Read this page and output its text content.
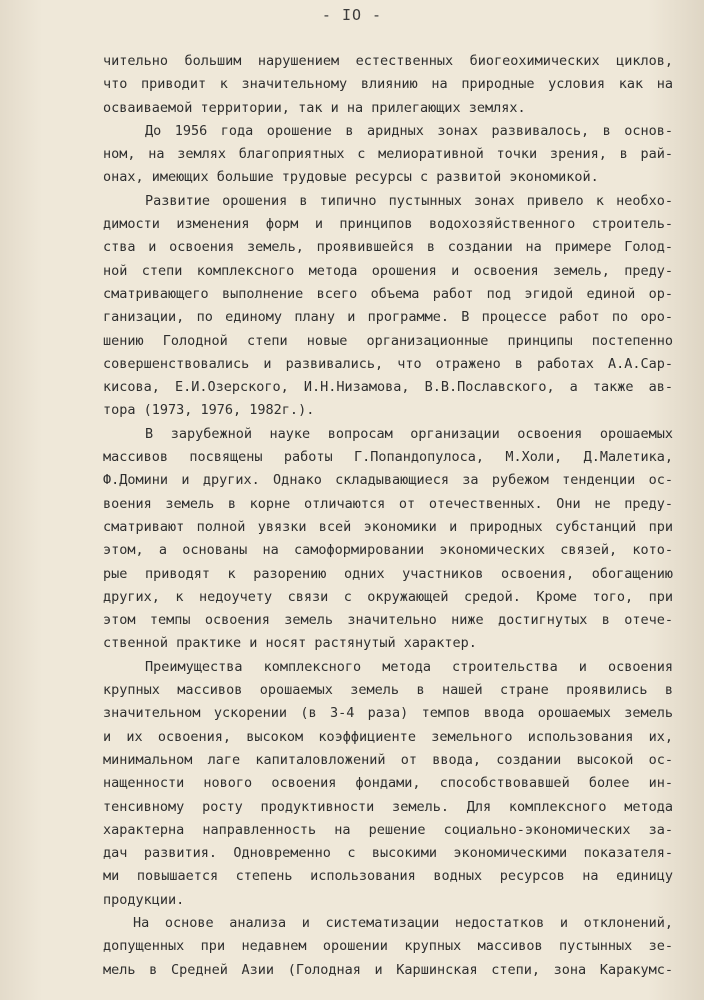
- IO -
чительно большим нарушением естественных биогеохимических циклов,
что приводит к значительному влиянию на природные условия как на
осваиваемой территории, так и на прилегающих землях.
До 1956 года орошение в аридных зонах развивалось, в основ-
ном, на землях благоприятных с мелиоративной точки зрения, в рай-
онах, имеющих большие трудовые ресурсы с развитой экономикой.
Развитие орошения в типично пустынных зонах привело к необхо-
димости изменения форм и принципов водохозяйственного строитель-
ства и освоения земель, проявившейся в создании на примере Голод-
ной степи комплексного метода орошения и освоения земель, преду-
сматривающего выполнение всего объема работ под эгидой единой ор-
ганизации, по единому плану и программе. В процессе работ по оро-
шению Голодной степи новые организационные принципы постепенно
совершенствовались и развивались, что отражено в работах А.А.Сар-
кисова, Е.И.Озерского, И.Н.Низамова, В.В.Пославского, а также ав-
тора (1973, 1976, 1982г.).
В зарубежной науке вопросам организации освоения орошаемых
массивов посвящены работы Г.Попандопулоса, М.Холи, Д.Малетика,
Ф.Домини и других. Однако складывающиеся за рубежом тенденции ос-
воения земель в корне отличаются от отечественных. Они не преду-
сматривают полной увязки всей экономики и природных субстанций при
этом, а основаны на самоформировании экономических связей, кото-
рые приводят к разорению одних участников освоения, обогащению
других, к недоучету связи с окружающей средой. Кроме того, при
этом темпы освоения земель значительно ниже достигнутых в отече-
ственной практике и носят растянутый характер.
Преимущества комплексного метода строительства и освоения
крупных массивов орошаемых земель в нашей стране проявились в
значительном ускорении (в 3-4 раза) темпов ввода орошаемых земель
и их освоения, высоком коэффициенте земельного использования их,
минимальном лаге капиталовложений от ввода, создании высокой ос-
нащенности нового освоения фондами, способствовавшей более ин-
тенсивному росту продуктивности земель. Для комплексного метода
характерна направленность на решение социально-экономических за-
дач развития. Одновременно с высокими экономическими показателя-
ми повышается степень использования водных ресурсов на единицу
продукции.
На основе анализа и систематизации недостатков и отклонений,
допущенных при недавнем орошении крупных массивов пустынных зе-
мель в Средней Азии (Голодная и Каршинская степи, зона Каракумс-
